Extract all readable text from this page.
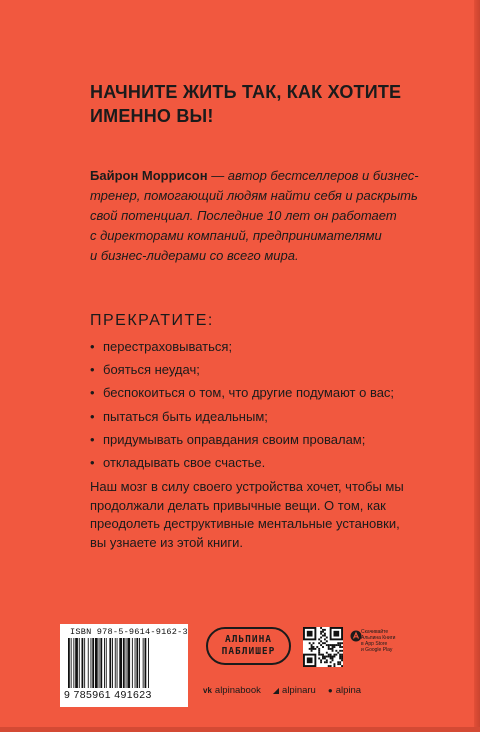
НАЧНИТЕ ЖИТЬ ТАК, КАК ХОТИТЕ
ИМЕННО ВЫ!

Байрон Моррисон — автор бестселлеров и бизнес-
тренер, помогающий людям найти себя и раскрыть
свой потенциал. Последние 10 лет он работает
с директорами компаний, предпринимателями
и бизнес-лидерами со всего мира.

ПРЕКРАТИТЕ:
• перестраховываться;
• бояться неудач;
• беспокоиться о том, что другие подумают о вас;
• пытаться быть идеальным;
• придумывать оправдания своим провалам;
• откладывать свое счастье.

Наш мозг в силу своего устройства хочет, чтобы мы
продолжали делать привычные вещи. О том, как
преодолеть деструктивные ментальные установки,
вы узнаете из этой книги.

ISBN 978-5-9614-9162-3
9 785961 491623
АЛЬПИНА
ПАБЛИШЕР
Скачивайте
Альпина Книги
в App Store
и Google Play
vk alpinabook ◢ alpinaru ● alpina
